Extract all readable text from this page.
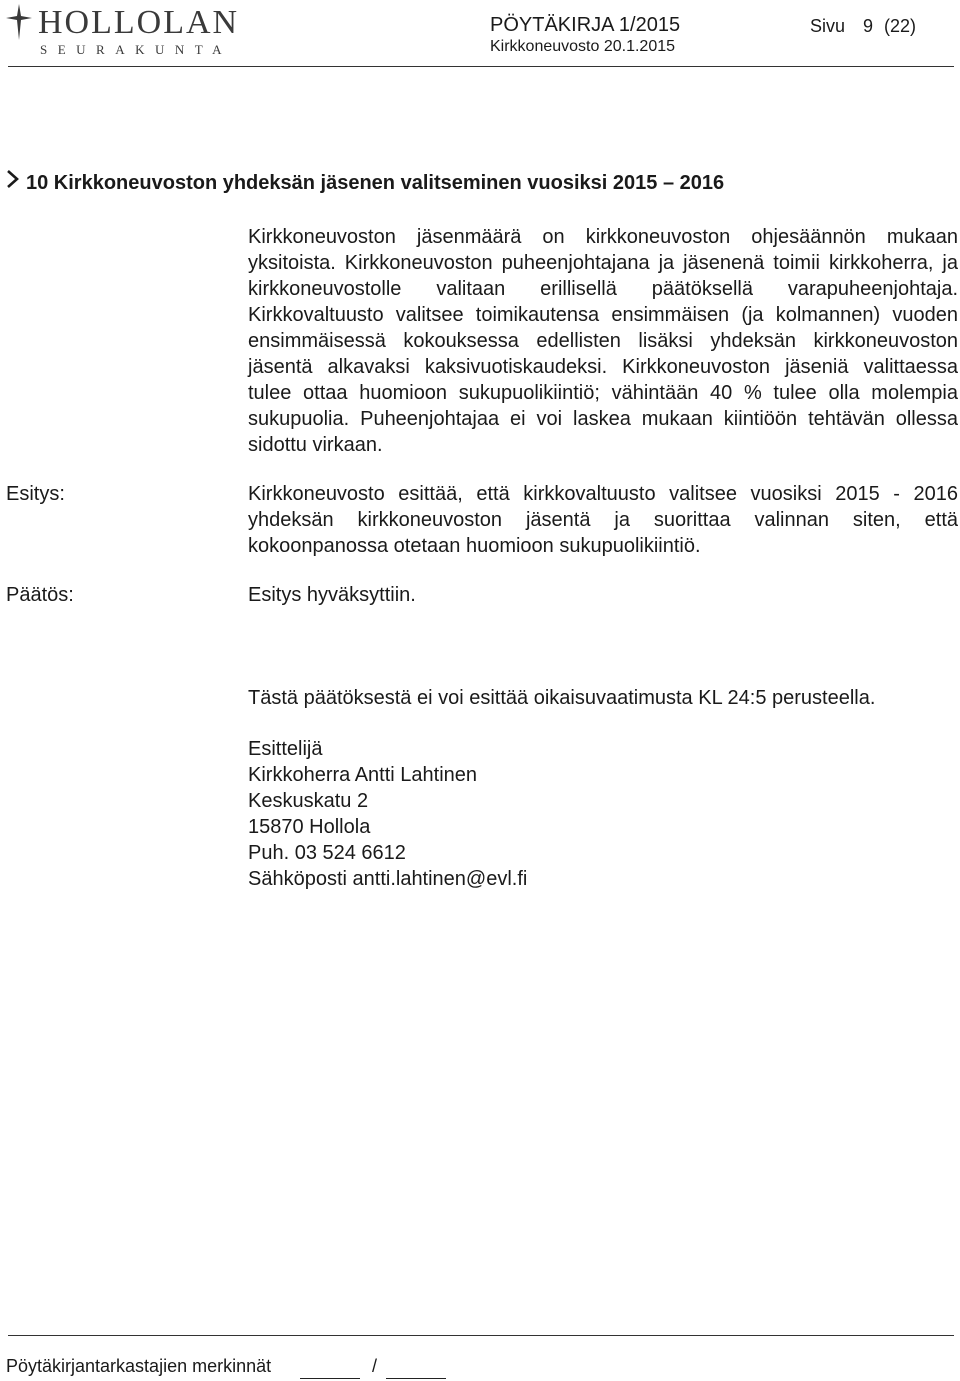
HOLLOLAN
SEURAKUNTA
PÖYTÄKIRJA 1/2015
Kirkkoneuvosto 20.1.2015
Sivu 9 (22)
10 Kirkkoneuvoston yhdeksän jäsenen valitseminen vuosiksi 2015 – 2016

Kirkkoneuvoston jäsenmäärä on kirkkoneuvoston ohjesäännön mukaan yksitoista. Kirkkoneuvoston puheenjohtajana ja jäsenenä toimii kirkkoherra, ja kirkkoneuvostolle valitaan erillisellä päätöksellä varapuheenjohtaja. Kirkkovaltuusto valitsee toimikautensa ensimmäisen (ja kolmannen) vuoden ensimmäisessä kokouksessa edellisten lisäksi yhdeksän kirkkoneuvoston jäsentä alkavaksi kaksivuotiskaudeksi. Kirkkoneuvoston jäseniä valittaessa tulee ottaa huomioon sukupuolikiintiö; vähintään 40 % tulee olla molempia sukupuolia. Puheenjohtajaa ei voi laskea mukaan kiintiöön tehtävän ollessa sidottu virkaan.

Esitys:	Kirkkoneuvosto esittää, että kirkkovaltuusto valitsee vuosiksi 2015 - 2016 yhdeksän kirkkoneuvoston jäsentä ja suorittaa valinnan siten, että kokoonpanossa otetaan huomioon sukupuolikiintiö.

Päätös:	Esitys hyväksyttiin.

Tästä päätöksestä ei voi esittää oikaisuvaatimusta KL 24:5 perusteella.

Esittelijä

Kirkkoherra Antti Lahtinen

Keskuskatu 2

15870 Hollola

Puh. 03 524 6612

Sähköposti antti.lahtinen@evl.fi

Pöytäkirjantarkastajien merkinnät	/
